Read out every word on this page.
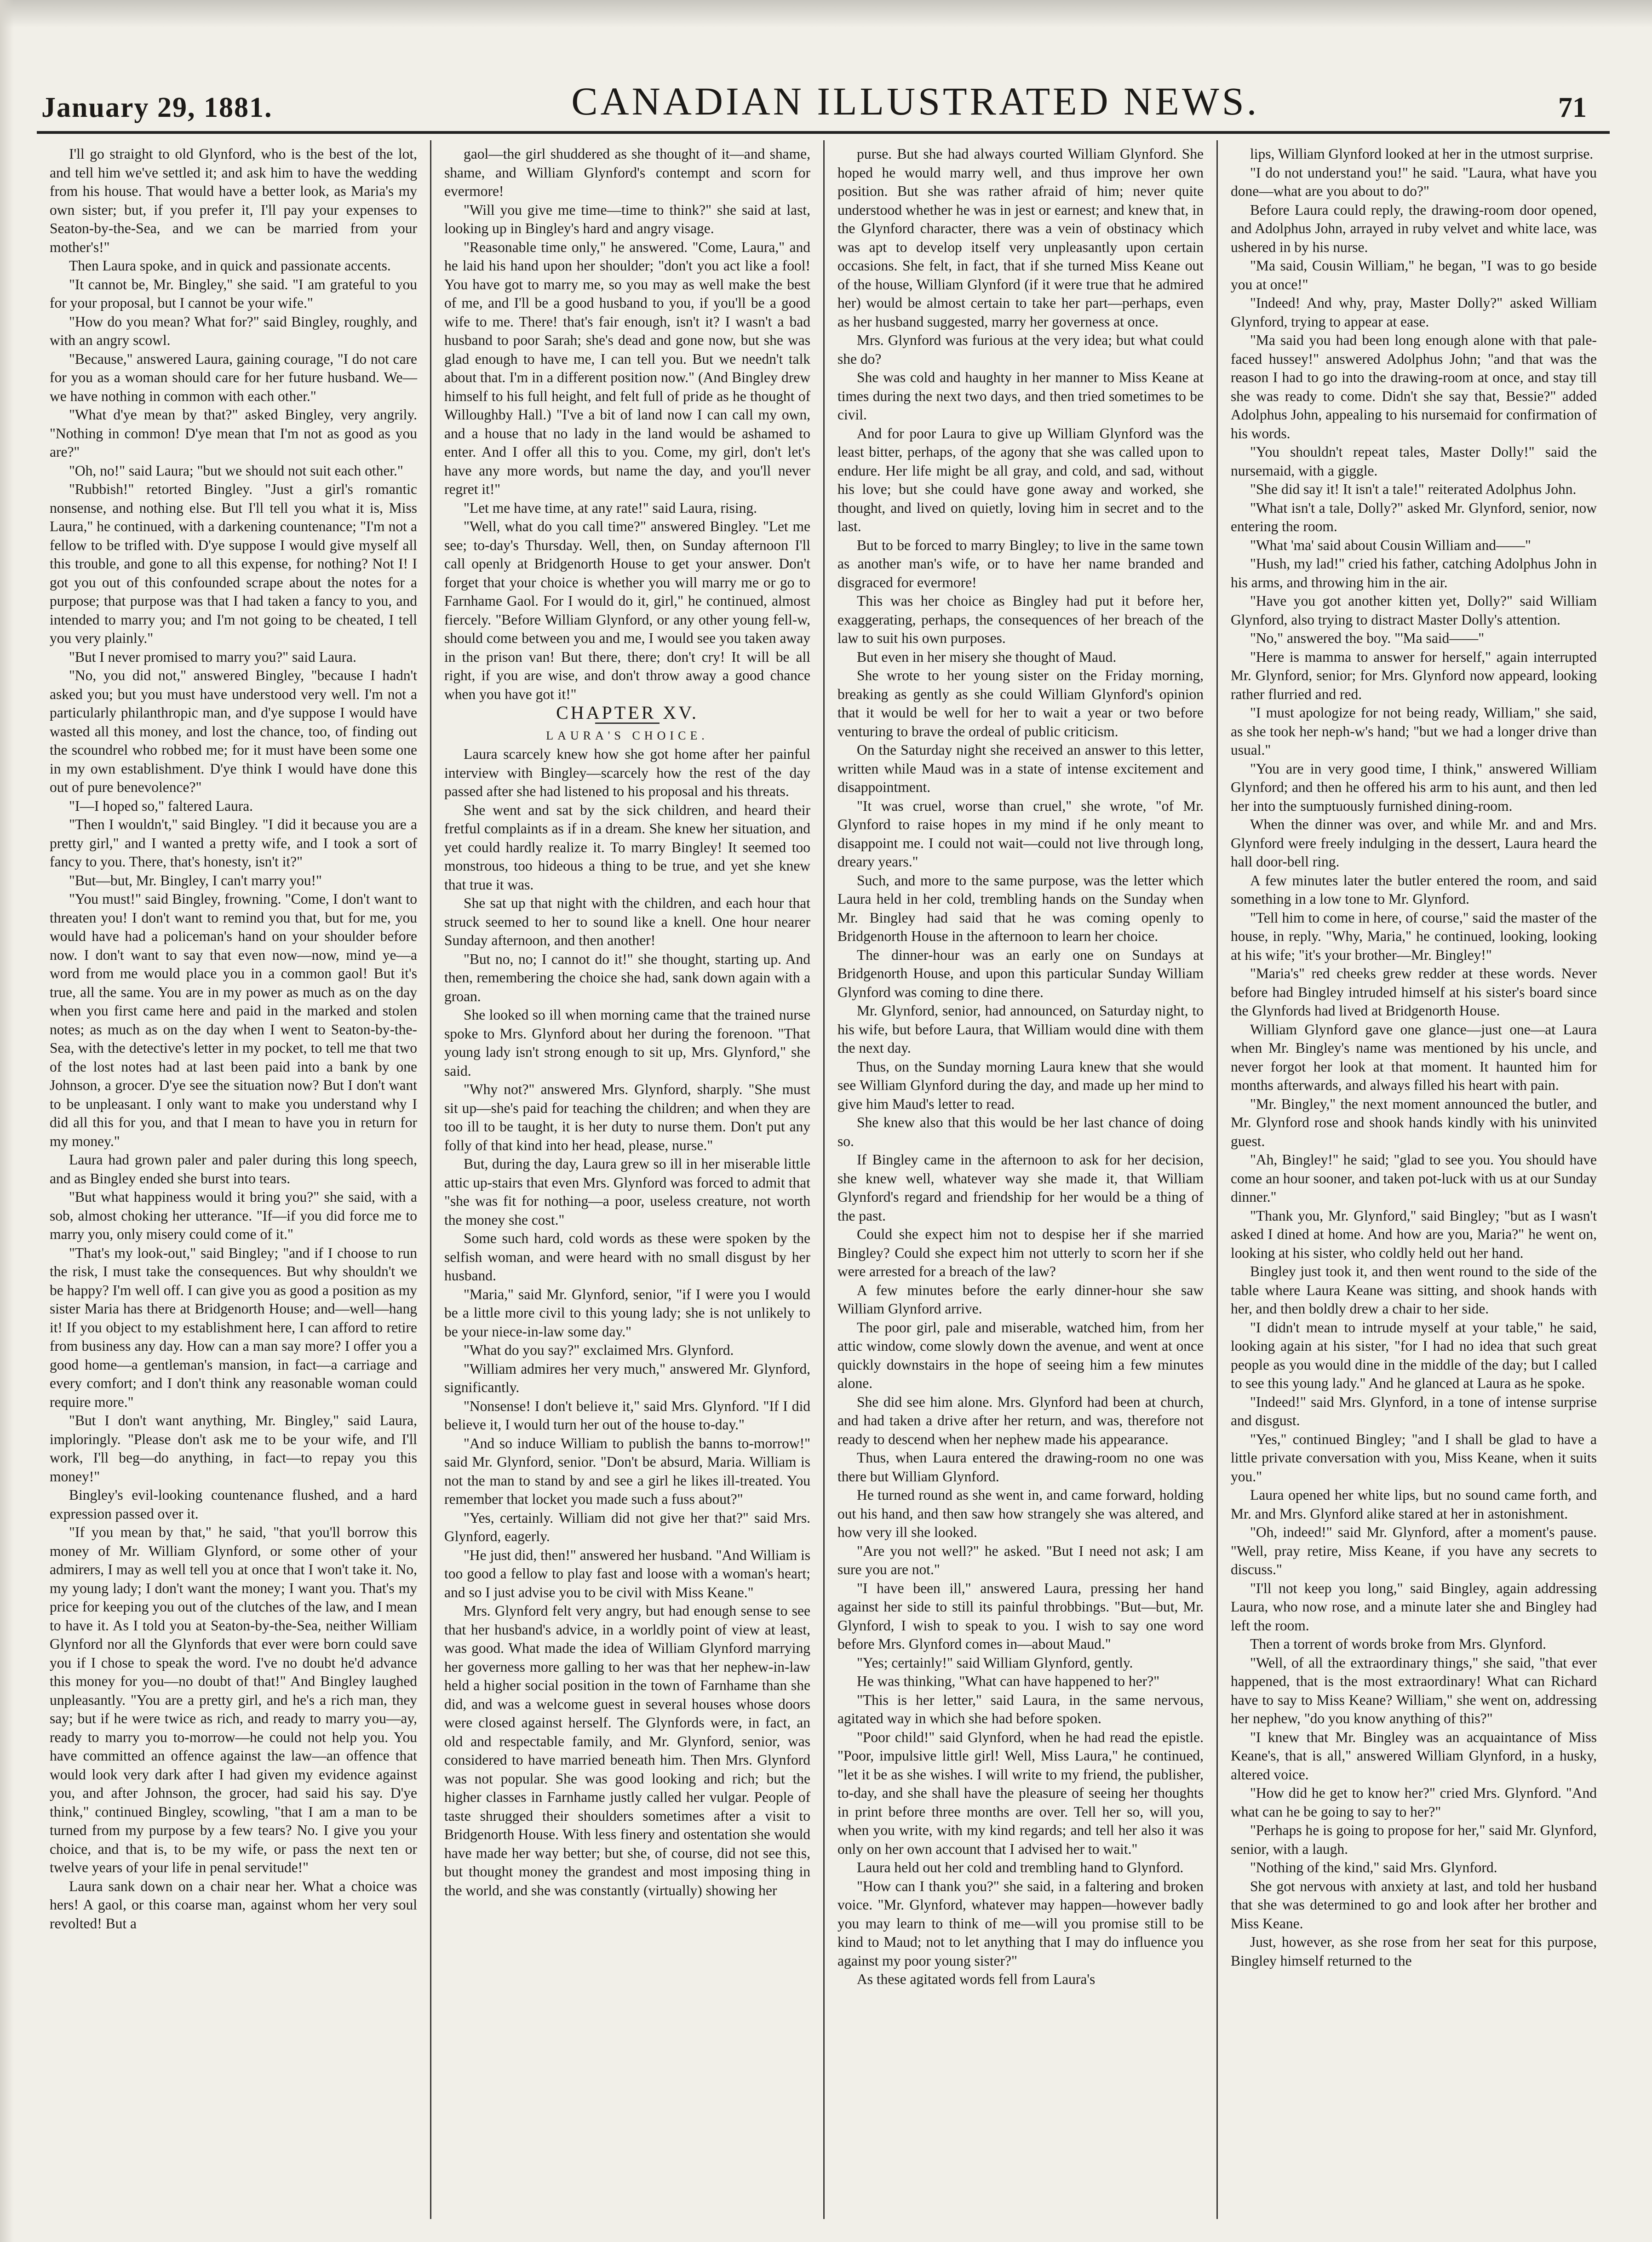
January 29, 1881.	CANADIAN ILLUSTRATED NEWS.	71

I'll go straight to old Glynford, who is the best of the lot, and tell him we've settled it; and ask him to have the wedding from his house. That would have a better look, as Maria's my own sister; but, if you prefer it, I'll pay your expenses to Seaton-by-the-Sea, and we can be married from your mother's!"

Then Laura spoke, and in quick and passionate accents.

"It cannot be, Mr. Bingley," she said. "I am grateful to you for your proposal, but I cannot be your wife."

"How do you mean? What for?" said Bingley, roughly, and with an angry scowl.

"Because," answered Laura, gaining courage, "I do not care for you as a woman should care for her future husband. We—we have nothing in common with each other."

"What d'ye mean by that?" asked Bingley, very angrily. "Nothing in common! D'ye mean that I'm not as good as you are?"

"Oh, no!" said Laura; "but we should not suit each other."

"Rubbish!" retorted Bingley. "Just a girl's romantic nonsense, and nothing else. But I'll tell you what it is, Miss Laura," he continued, with a darkening countenance; "I'm not a fellow to be trifled with. D'ye suppose I would give myself all this trouble, and gone to all this expense, for nothing? Not I! I got you out of this confounded scrape about the notes for a purpose; that purpose was that I had taken a fancy to you, and intended to marry you; and I'm not going to be cheated, I tell you very plainly."

"But I never promised to marry you?" said Laura.

"No, you did not," answered Bingley, "because I hadn't asked you; but you must have understood very well. I'm not a particularly philanthropic man, and d'ye suppose I would have wasted all this money, and lost the chance, too, of finding out the scoundrel who robbed me; for it must have been some one in my own establishment. D'ye think I would have done this out of pure benevolence?"

"I—I hoped so," faltered Laura.

"Then I wouldn't," said Bingley. "I did it because you are a pretty girl," and I wanted a pretty wife, and I took a sort of fancy to you. There, that's honesty, isn't it?"

"But—but, Mr. Bingley, I can't marry you!"

"You must!" said Bingley, frowning. "Come, I don't want to threaten you! I don't want to remind you that, but for me, you would have had a policeman's hand on your shoulder before now. I don't want to say that even now—now, mind ye—a word from me would place you in a common gaol! But it's true, all the same. You are in my power as much as on the day when you first came here and paid in the marked and stolen notes; as much as on the day when I went to Seaton-by-the-Sea, with the detective's letter in my pocket, to tell me that two of the lost notes had at last been paid into a bank by one Johnson, a grocer. D'ye see the situation now? But I don't want to be unpleasant. I only want to make you understand why I did all this for you, and that I mean to have you in return for my money."

Laura had grown paler and paler during this long speech, and as Bingley ended she burst into tears.

"But what happiness would it bring you?" she said, with a sob, almost choking her utterance. "If—if you did force me to marry you, only misery could come of it."

"That's my look-out," said Bingley; "and if I choose to run the risk, I must take the consequences. But why shouldn't we be happy? I'm well off. I can give you as good a position as my sister Maria has there at Bridgenorth House; and—well—hang it! If you object to my establishment here, I can afford to retire from business any day. How can a man say more? I offer you a good home—a gentleman's mansion, in fact—a carriage and every comfort; and I don't think any reasonable woman could require more."

"But I don't want anything, Mr. Bingley," said Laura, imploringly. "Please don't ask me to be your wife, and I'll work, I'll beg—do anything, in fact—to repay you this money!"

Bingley's evil-looking countenance flushed, and a hard expression passed over it.

"If you mean by that," he said, "that you'll borrow this money of Mr. William Glynford, or some other of your admirers, I may as well tell you at once that I won't take it. No, my young lady; I don't want the money; I want you. That's my price for keeping you out of the clutches of the law, and I mean to have it. As I told you at Seaton-by-the-Sea, neither William Glynford nor all the Glynfords that ever were born could save you if I chose to speak the word. I've no doubt he'd advance this money for you—no doubt of that!" And Bingley laughed unpleasantly. "You are a pretty girl, and he's a rich man, they say; but if he were twice as rich, and ready to marry you—ay, ready to marry you to-morrow—he could not help you. You have committed an offence against the law—an offence that would look very dark after I had given my evidence against you, and after Johnson, the grocer, had said his say. D'ye think," continued Bingley, scowling, "that I am a man to be turned from my purpose by a few tears? No. I give you your choice, and that is, to be my wife, or pass the next ten or twelve years of your life in penal servitude!"

Laura sank down on a chair near her. What a choice was hers! A gaol, or this coarse man, against whom her very soul revolted! But a

gaol—the girl shuddered as she thought of it—and shame, shame, and William Glynford's contempt and scorn for evermore!

"Will you give me time—time to think?" she said at last, looking up in Bingley's hard and angry visage.

"Reasonable time only," he answered. "Come, Laura," and he laid his hand upon her shoulder; "don't you act like a fool! You have got to marry me, so you may as well make the best of me, and I'll be a good husband to you, if you'll be a good wife to me. There! that's fair enough, isn't it? I wasn't a bad husband to poor Sarah; she's dead and gone now, but she was glad enough to have me, I can tell you. But we needn't talk about that. I'm in a different position now." (And Bingley drew himself to his full height, and felt full of pride as he thought of Willoughby Hall.) "I've a bit of land now I can call my own, and a house that no lady in the land would be ashamed to enter. And I offer all this to you. Come, my girl, don't let's have any more words, but name the day, and you'll never regret it!"

"Let me have time, at any rate!" said Laura, rising.

"Well, what do you call time?" answered Bingley. "Let me see; to-day's Thursday. Well, then, on Sunday afternoon I'll call openly at Bridgenorth House to get your answer. Don't forget that your choice is whether you will marry me or go to Farnhame Gaol. For I would do it, girl," he continued, almost fiercely. "Before William Glynford, or any other young fell-w, should come between you and me, I would see you taken away in the prison van! But there, there; don't cry! It will be all right, if you are wise, and don't throw away a good chance when you have got it!"

CHAPTER XV.

LAURA'S CHOICE.

Laura scarcely knew how she got home after her painful interview with Bingley—scarcely how the rest of the day passed after she had listened to his proposal and his threats.

She went and sat by the sick children, and heard their fretful complaints as if in a dream. She knew her situation, and yet could hardly realize it. To marry Bingley! It seemed too monstrous, too hideous a thing to be true, and yet she knew that true it was.

She sat up that night with the children, and each hour that struck seemed to her to sound like a knell. One hour nearer Sunday afternoon, and then another!

"But no, no; I cannot do it!" she thought, starting up. And then, remembering the choice she had, sank down again with a groan.

She looked so ill when morning came that the trained nurse spoke to Mrs. Glynford about her during the forenoon. "That young lady isn't strong enough to sit up, Mrs. Glynford," she said.

"Why not?" answered Mrs. Glynford, sharply. "She must sit up—she's paid for teaching the children; and when they are too ill to be taught, it is her duty to nurse them. Don't put any folly of that kind into her head, please, nurse."

But, during the day, Laura grew so ill in her miserable little attic up-stairs that even Mrs. Glynford was forced to admit that "she was fit for nothing—a poor, useless creature, not worth the money she cost."

Some such hard, cold words as these were spoken by the selfish woman, and were heard with no small disgust by her husband.

"Maria," said Mr. Glynford, senior, "if I were you I would be a little more civil to this young lady; she is not unlikely to be your niece-in-law some day."

"What do you say?" exclaimed Mrs. Glynford.

"William admires her very much," answered Mr. Glynford, significantly.

"Nonsense! I don't believe it," said Mrs. Glynford. "If I did believe it, I would turn her out of the house to-day."

"And so induce William to publish the banns to-morrow!" said Mr. Glynford, senior. "Don't be absurd, Maria. William is not the man to stand by and see a girl he likes ill-treated. You remember that locket you made such a fuss about?"

"Yes, certainly. William did not give her that?" said Mrs. Glynford, eagerly.

"He just did, then!" answered her husband. "And William is too good a fellow to play fast and loose with a woman's heart; and so I just advise you to be civil with Miss Keane."

Mrs. Glynford felt very angry, but had enough sense to see that her husband's advice, in a worldly point of view at least, was good. What made the idea of William Glynford marrying her governess more galling to her was that her nephew-in-law held a higher social position in the town of Farnhame than she did, and was a welcome guest in several houses whose doors were closed against herself. The Glynfords were, in fact, an old and respectable family, and Mr. Glynford, senior, was considered to have married beneath him. Then Mrs. Glynford was not popular. She was good looking and rich; but the higher classes in Farnhame justly called her vulgar. People of taste shrugged their shoulders sometimes after a visit to Bridgenorth House. With less finery and ostentation she would have made her way better; but she, of course, did not see this, but thought money the grandest and most imposing thing in the world, and she was constantly (virtually) showing her

purse. But she had always courted William Glynford. She hoped he would marry well, and thus improve her own position. But she was rather afraid of him; never quite understood whether he was in jest or earnest; and knew that, in the Glynford character, there was a vein of obstinacy which was apt to develop itself very unpleasantly upon certain occasions. She felt, in fact, that if she turned Miss Keane out of the house, William Glynford (if it were true that he admired her) would be almost certain to take her part—perhaps, even as her husband suggested, marry her governess at once.

Mrs. Glynford was furious at the very idea; but what could she do?

She was cold and haughty in her manner to Miss Keane at times during the next two days, and then tried sometimes to be civil.

And for poor Laura to give up William Glynford was the least bitter, perhaps, of the agony that she was called upon to endure. Her life might be all gray, and cold, and sad, without his love; but she could have gone away and worked, she thought, and lived on quietly, loving him in secret and to the last.

But to be forced to marry Bingley; to live in the same town as another man's wife, or to have her name branded and disgraced for evermore!

This was her choice as Bingley had put it before her, exaggerating, perhaps, the consequences of her breach of the law to suit his own purposes.

But even in her misery she thought of Maud.

She wrote to her young sister on the Friday morning, breaking as gently as she could William Glynford's opinion that it would be well for her to wait a year or two before venturing to brave the ordeal of public criticism.

On the Saturday night she received an answer to this letter, written while Maud was in a state of intense excitement and disappointment.

"It was cruel, worse than cruel," she wrote, "of Mr. Glynford to raise hopes in my mind if he only meant to disappoint me. I could not wait—could not live through long, dreary years."

Such, and more to the same purpose, was the letter which Laura held in her cold, trembling hands on the Sunday when Mr. Bingley had said that he was coming openly to Bridgenorth House in the afternoon to learn her choice.

The dinner-hour was an early one on Sundays at Bridgenorth House, and upon this particular Sunday William Glynford was coming to dine there.

Mr. Glynford, senior, had announced, on Saturday night, to his wife, but before Laura, that William would dine with them the next day.

Thus, on the Sunday morning Laura knew that she would see William Glynford during the day, and made up her mind to give him Maud's letter to read.

She knew also that this would be her last chance of doing so.

If Bingley came in the afternoon to ask for her decision, she knew well, whatever way she made it, that William Glynford's regard and friendship for her would be a thing of the past.

Could she expect him not to despise her if she married Bingley? Could she expect him not utterly to scorn her if she were arrested for a breach of the law?

A few minutes before the early dinner-hour she saw William Glynford arrive.

The poor girl, pale and miserable, watched him, from her attic window, come slowly down the avenue, and went at once quickly downstairs in the hope of seeing him a few minutes alone.

She did see him alone. Mrs. Glynford had been at church, and had taken a drive after her return, and was, therefore not ready to descend when her nephew made his appearance.

Thus, when Laura entered the drawing-room no one was there but William Glynford.

He turned round as she went in, and came forward, holding out his hand, and then saw how strangely she was altered, and how very ill she looked.

"Are you not well?" he asked. "But I need not ask; I am sure you are not."

"I have been ill," answered Laura, pressing her hand against her side to still its painful throbbings. "But—but, Mr. Glynford, I wish to speak to you. I wish to say one word before Mrs. Glynford comes in—about Maud."

"Yes; certainly!" said William Glynford, gently.

He was thinking, "What can have happened to her?"

"This is her letter," said Laura, in the same nervous, agitated way in which she had before spoken.

"Poor child!" said Glynford, when he had read the epistle. "Poor, impulsive little girl! Well, Miss Laura," he continued, "let it be as she wishes. I will write to my friend, the publisher, to-day, and she shall have the pleasure of seeing her thoughts in print before three months are over. Tell her so, will you, when you write, with my kind regards; and tell her also it was only on her own account that I advised her to wait."

Laura held out her cold and trembling hand to Glynford.

"How can I thank you?" she said, in a faltering and broken voice. "Mr. Glynford, whatever may happen—however badly you may learn to think of me—will you promise still to be kind to Maud; not to let anything that I may do influence you against my poor young sister?"

As these agitated words fell from Laura's

lips, William Glynford looked at her in the utmost surprise.

"I do not understand you!" he said. "Laura, what have you done—what are you about to do?"

Before Laura could reply, the drawing-room door opened, and Adolphus John, arrayed in ruby velvet and white lace, was ushered in by his nurse.

"Ma said, Cousin William," he began, "I was to go beside you at once!"

"Indeed! And why, pray, Master Dolly?" asked William Glynford, trying to appear at ease.

"Ma said you had been long enough alone with that pale-faced hussey!" answered Adolphus John; "and that was the reason I had to go into the drawing-room at once, and stay till she was ready to come. Didn't she say that, Bessie?" added Adolphus John, appealing to his nursemaid for confirmation of his words.

"You shouldn't repeat tales, Master Dolly!" said the nursemaid, with a giggle.

"She did say it! It isn't a tale!" reiterated Adolphus John.

"What isn't a tale, Dolly?" asked Mr. Glynford, senior, now entering the room.

"What 'ma' said about Cousin William and——"

"Hush, my lad!" cried his father, catching Adolphus John in his arms, and throwing him in the air.

"Have you got another kitten yet, Dolly?" said William Glynford, also trying to distract Master Dolly's attention.

"No," answered the boy. "'Ma said——"

"Here is mamma to answer for herself," again interrupted Mr. Glynford, senior; for Mrs. Glynford now appeard, looking rather flurried and red.

"I must apologize for not being ready, William," she said, as she took her neph-w's hand; "but we had a longer drive than usual."

"You are in very good time, I think," answered William Glynford; and then he offered his arm to his aunt, and then led her into the sumptuously furnished dining-room.

When the dinner was over, and while Mr. and and Mrs. Glynford were freely indulging in the dessert, Laura heard the hall door-bell ring.

A few minutes later the butler entered the room, and said something in a low tone to Mr. Glynford.

"Tell him to come in here, of course," said the master of the house, in reply. "Why, Maria," he continued, looking, looking at his wife; "it's your brother—Mr. Bingley!"

"Maria's" red cheeks grew redder at these words. Never before had Bingley intruded himself at his sister's board since the Glynfords had lived at Bridgenorth House.

William Glynford gave one glance—just one—at Laura when Mr. Bingley's name was mentioned by his uncle, and never forgot her look at that moment. It haunted him for months afterwards, and always filled his heart with pain.

"Mr. Bingley," the next moment announced the butler, and Mr. Glynford rose and shook hands kindly with his uninvited guest.

"Ah, Bingley!" he said; "glad to see you. You should have come an hour sooner, and taken pot-luck with us at our Sunday dinner."

"Thank you, Mr. Glynford," said Bingley; "but as I wasn't asked I dined at home. And how are you, Maria?" he went on, looking at his sister, who coldly held out her hand.

Bingley just took it, and then went round to the side of the table where Laura Keane was sitting, and shook hands with her, and then boldly drew a chair to her side.

"I didn't mean to intrude myself at your table," he said, looking again at his sister, "for I had no idea that such great people as you would dine in the middle of the day; but I called to see this young lady." And he glanced at Laura as he spoke.

"Indeed!" said Mrs. Glynford, in a tone of intense surprise and disgust.

"Yes," continued Bingley; "and I shall be glad to have a little private conversation with you, Miss Keane, when it suits you."

Laura opened her white lips, but no sound came forth, and Mr. and Mrs. Glynford alike stared at her in astonishment.

"Oh, indeed!" said Mr. Glynford, after a moment's pause. "Well, pray retire, Miss Keane, if you have any secrets to discuss."

"I'll not keep you long," said Bingley, again addressing Laura, who now rose, and a minute later she and Bingley had left the room.

Then a torrent of words broke from Mrs. Glynford.

"Well, of all the extraordinary things," she said, "that ever happened, that is the most extraordinary! What can Richard have to say to Miss Keane? William," she went on, addressing her nephew, "do you know anything of this?"

"I knew that Mr. Bingley was an acquaintance of Miss Keane's, that is all," answered William Glynford, in a husky, altered voice.

"How did he get to know her?" cried Mrs. Glynford. "And what can he be going to say to her?"

"Perhaps he is going to propose for her," said Mr. Glynford, senior, with a laugh.

"Nothing of the kind," said Mrs. Glynford.

She got nervous with anxiety at last, and told her husband that she was determined to go and look after her brother and Miss Keane.

Just, however, as she rose from her seat for this purpose, Bingley himself returned to the
